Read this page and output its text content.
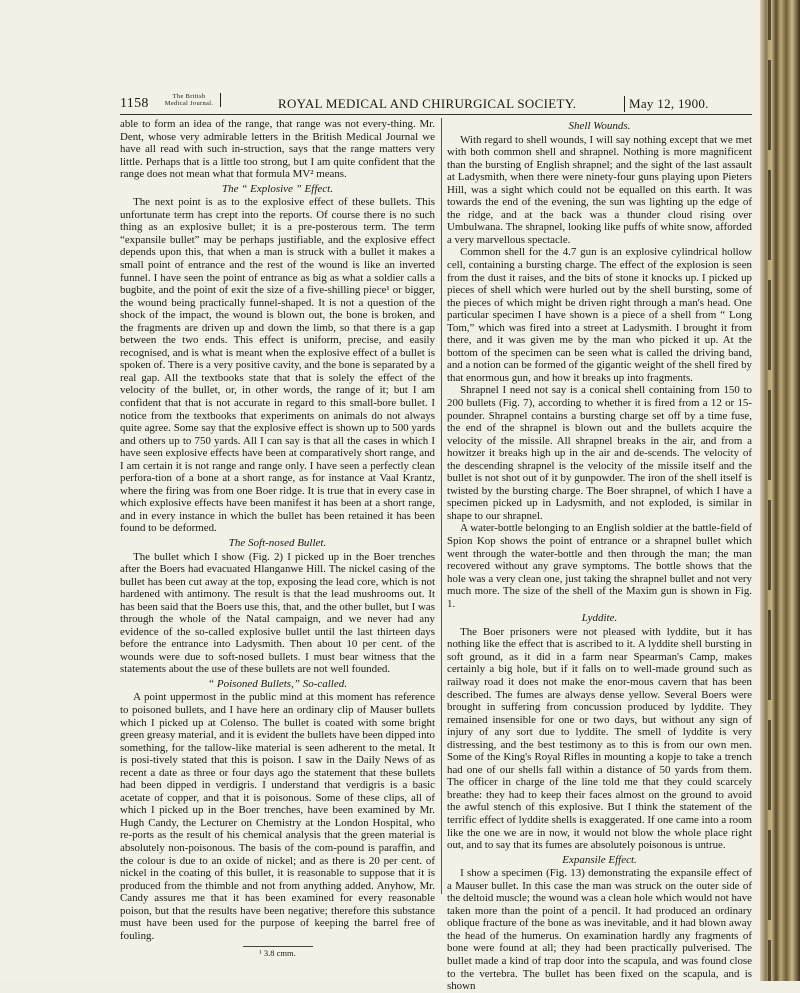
1158	The British
Medical Journal.	ROYAL MEDICAL AND CHIRURGICAL SOCIETY.	May 12, 1900.

able to form an idea of the range, that range was not every-thing. Mr. Dent, whose very admirable letters in the British Medical Journal we have all read with such in-struction, says that the range matters very little. Perhaps that is a little too strong, but I am quite confident that the range does not mean what that formula MV² means.

The “ Explosive ” Effect.

The next point is as to the explosive effect of these bullets. This unfortunate term has crept into the reports. Of course there is no such thing as an explosive bullet; it is a pre-posterous term. The term “expansile bullet” may be perhaps justifiable, and the explosive effect depends upon this, that when a man is struck with a bullet it makes a small point of entrance and the rest of the wound is like an inverted funnel. I have seen the point of entrance as big as what a soldier calls a bugbite, and the point of exit the size of a five-shilling piece¹ or bigger, the wound being practically funnel-shaped. It is not a question of the shock of the impact, the wound is blown out, the bone is broken, and the fragments are driven up and down the limb, so that there is a gap between the two ends. This effect is uniform, precise, and easily recognised, and is what is meant when the explosive effect of a bullet is spoken of. There is a very positive cavity, and the bone is separated by a real gap. All the textbooks state that that is solely the effect of the velocity of the bullet, or, in other words, the range of it; but I am confident that that is not accurate in regard to this small-bore bullet. I notice from the textbooks that experiments on animals do not always quite agree. Some say that the explosive effect is shown up to 500 yards and others up to 750 yards. All I can say is that all the cases in which I have seen explosive effects have been at comparatively short range, and I am certain it is not range and range only. I have seen a perfectly clean perfora-tion of a bone at a short range, as for instance at Vaal Krantz, where the firing was from one Boer ridge. It is true that in every case in which explosive effects have been manifest it has been at a short range, and in every instance in which the bullet has been retained it has been found to be deformed.

The Soft-nosed Bullet.

The bullet which I show (Fig. 2) I picked up in the Boer trenches after the Boers had evacuated Hlanganwe Hill. The nickel casing of the bullet has been cut away at the top, exposing the lead core, which is not hardened with antimony. The result is that the lead mushrooms out. It has been said that the Boers use this, that, and the other bullet, but I was through the whole of the Natal campaign, and we never had any evidence of the so-called explosive bullet until the last thirteen days before the entrance into Ladysmith. Then about 10 per cent. of the wounds were due to soft-nosed bullets. I must bear witness that the statements about the use of these bullets are not well founded.

“ Poisoned Bullets,” So-called.

A point uppermost in the public mind at this moment has reference to poisoned bullets, and I have here an ordinary clip of Mauser bullets which I picked up at Colenso. The bullet is coated with some bright green greasy material, and it is evident the bullets have been dipped into something, for the tallow-like material is seen adherent to the metal. It is posi-tively stated that this is poison. I saw in the Daily News of as recent a date as three or four days ago the statement that these bullets had been dipped in verdigris. I understand that verdigris is a basic acetate of copper, and that it is poisonous. Some of these clips, all of which I picked up in the Boer trenches, have been examined by Mr. Hugh Candy, the Lecturer on Chemistry at the London Hospital, who re-ports as the result of his chemical analysis that the green material is absolutely non-poisonous. The basis of the com-pound is paraffin, and the colour is due to an oxide of nickel; and as there is 20 per cent. of nickel in the coating of this bullet, it is reasonable to suppose that it is produced from the thimble and not from anything added. Anyhow, Mr. Candy assures me that it has been examined for every reasonable poison, but that the results have been negative; therefore this substance must have been used for the purpose of keeping the barrel free of fouling.

¹ 3.8 cmm.
Shell Wounds.

With regard to shell wounds, I will say nothing except that we met with both common shell and shrapnel. Nothing is more magnificent than the bursting of English shrapnel; and the sight of the last assault at Ladysmith, when there were ninety-four guns playing upon Pieters Hill, was a sight which could not be equalled on this earth. It was towards the end of the evening, the sun was lighting up the edge of the ridge, and at the back was a thunder cloud rising over Umbulwana. The shrapnel, looking like puffs of white snow, afforded a very marvellous spectacle.

Common shell for the 4.7 gun is an explosive cylindrical hollow cell, containing a bursting charge. The effect of the explosion is seen from the dust it raises, and the bits of stone it knocks up. I picked up pieces of shell which were hurled out by the shell bursting, some of the pieces of which might be driven right through a man's head. One particular specimen I have shown is a piece of a shell from “ Long Tom,” which was fired into a street at Ladysmith. I brought it from there, and it was given me by the man who picked it up. At the bottom of the specimen can be seen what is called the driving band, and a notion can be formed of the gigantic weight of the shell fired by that enormous gun, and how it breaks up into fragments.

Shrapnel I need not say is a conical shell containing from 150 to 200 bullets (Fig. 7), according to whether it is fired from a 12 or 15-pounder. Shrapnel contains a bursting charge set off by a time fuse, the end of the shrapnel is blown out and the bullets acquire the velocity of the missile. All shrapnel breaks in the air, and from a howitzer it breaks high up in the air and de-scends. The velocity of the descending shrapnel is the velocity of the missile itself and the bullet is not shot out of it by gunpowder. The iron of the shell itself is twisted by the bursting charge. The Boer shrapnel, of which I have a specimen picked up in Ladysmith, and not exploded, is similar in shape to our shrapnel.

A water-bottle belonging to an English soldier at the battle-field of Spion Kop shows the point of entrance or a shrapnel bullet which went through the water-bottle and then through the man; the man recovered without any grave symptoms. The bottle shows that the hole was a very clean one, just taking the shrapnel bullet and not very much more. The size of the shell of the Maxim gun is shown in Fig. 1.

Lyddite.

The Boer prisoners were not pleased with lyddite, but it has nothing like the effect that is ascribed to it. A lyddite shell bursting in soft ground, as it did in a farm near Spearman's Camp, makes certainly a big hole, but if it falls on to well-made ground such as railway road it does not make the enor-mous cavern that has been described. The fumes are always dense yellow. Several Boers were brought in suffering from concussion produced by lyddite. They remained insensible for one or two days, but without any sign of injury of any sort due to lyddite. The smell of lyddite is very distressing, and the best testimony as to this is from our own men. Some of the King's Royal Rifles in mounting a kopje to take a trench had one of our shells fall within a distance of 50 yards from them. The officer in charge of the line told me that they could scarcely breathe: they had to keep their faces almost on the ground to avoid the awful stench of this explosive. But I think the statement of the terrific effect of lyddite shells is exaggerated. If one came into a room like the one we are in now, it would not blow the whole place right out, and to say that its fumes are absolutely poisonous is untrue.

Expansile Effect.

I show a specimen (Fig. 13) demonstrating the expansile effect of a Mauser bullet. In this case the man was struck on the outer side of the deltoid muscle; the wound was a clean hole which would not have taken more than the point of a pencil. It had produced an ordinary oblique fracture of the bone as was inevitable, and it had blown away the head of the humerus. On examination hardly any fragments of bone were found at all; they had been practically pulverised. The bullet made a kind of trap door into the scapula, and was found close to the vertebra. The bullet has been fixed on the scapula, and is shown
